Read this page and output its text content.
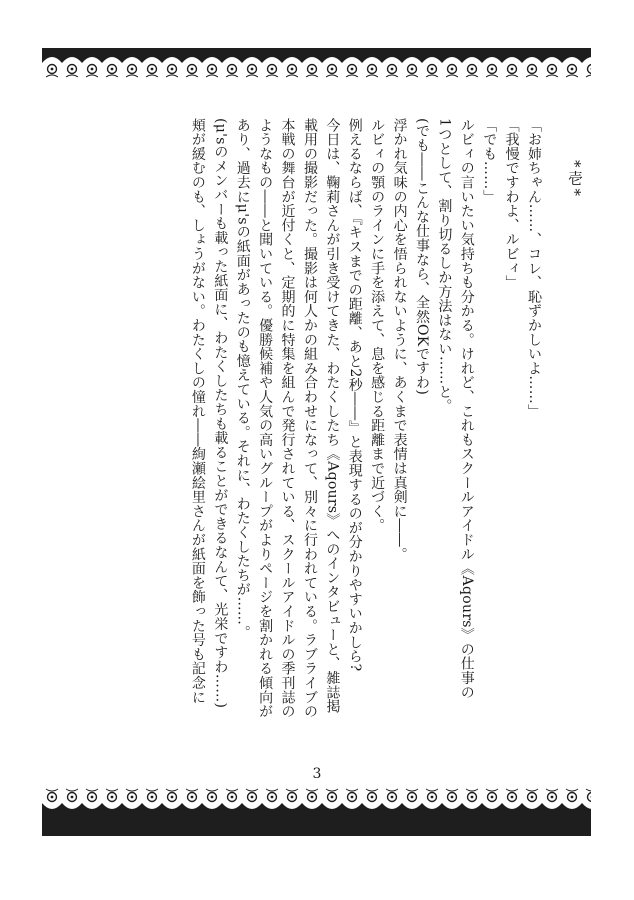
*壱*
「お姉ちゃん……、コレ、恥ずかしいよ……」
「我慢ですわよ、ルビィ」
「でも……」
ルビィの言いたい気持ちも分かる。けれど、これもスクールアイドル《Aqours》の仕事の
1つとして、割り切るしか方法はない……と。
(でも――こんな仕事なら、全然OKですわ)
浮かれ気味の内心を悟られないように、あくまで表情は真剣に――。
ルビィの顎のラインに手を添えて、息を感じる距離まで近づく。
例えるならば、『キスまでの距離、あと2秒――』と表現するのが分かりやすいかしら?
今日は、鞠莉さんが引き受けてきた、わたくしたち《Aqours》へのインタビューと、雑誌掲
載用の撮影だった。撮影は何人かの組み合わせになって、別々に行われている。ラブライブの
本戦の舞台が近付くと、定期的に特集を組んで発行されている、スクールアイドルの季刊誌の
ようなもの――と聞いている。優勝候補や人気の高いグループがよりページを割かれる傾向が
あり、過去にμ'sの紙面があったのも憶えている。それに、わたくしたちが……。
(μ'sのメンバーも載った紙面に、わたくしたちも載ることができるなんて、光栄ですわ……)
頬が緩むのも、しょうがない。わたくしの憧れ――絢瀬絵里さんが紙面を飾った号も記念に
3
